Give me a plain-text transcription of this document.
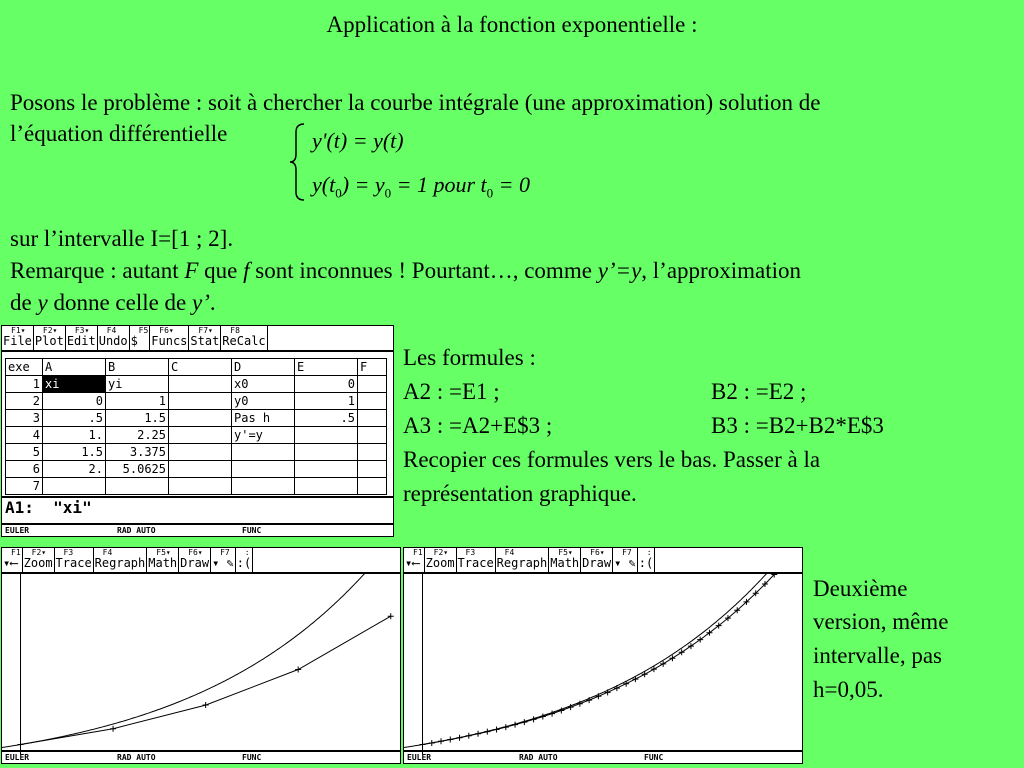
Application à la fonction exponentielle :
Posons le problème : soit à chercher la courbe intégrale (une approximation) solution de
l’équation différentielle	y'(t) = y(t)
$y(t_0) = y_0 = 1$ pour $t_0 = 0$
sur l’intervalle I=[1 ; 2].
Remarque : autant F que f sont inconnues ! Pourtant…, comme y’=y, l’approximation
de y donne celle de y’.
F1▾
File
F2▾
Plot
F3▾
Edit
F4
Undo
F5
$
F6▾
Funcs
F7▾
Stat
F8
ReCalc
exe	A	B	C	D	E	F
1	xi	yi		x0	0	
2	0	1		y0	1	
3	.5	1.5		Pas h	.5	
4	1.	2.25		y'=y		
5	1.5	3.375				
6	2.	5.0625				
7						
A1:  "xi"
EULER	RAD AUTO	FUNC
Les formules :
A2 : =E1 ;	B2 : =E2 ;
A3 : =A2+E$3 ;	B3 : =B2+B2*E$3
Recopier ces formules vers le bas. Passer à la
représentation graphique.
F1
▾⟵
F2▾
Zoom
F3
Trace
F4
Regraph
F5▾
Math
F6▾
Draw
F7
▾ ✎
:
:(
EULER	RAD AUTO	FUNC
F1
▾⟵
F2▾
Zoom
F3
Trace
F4
Regraph
F5▾
Math
F6▾
Draw
F7
▾ ✎
:
:(
EULER	RAD AUTO	FUNC
Deuxième
version, même
intervalle, pas
h=0,05.
